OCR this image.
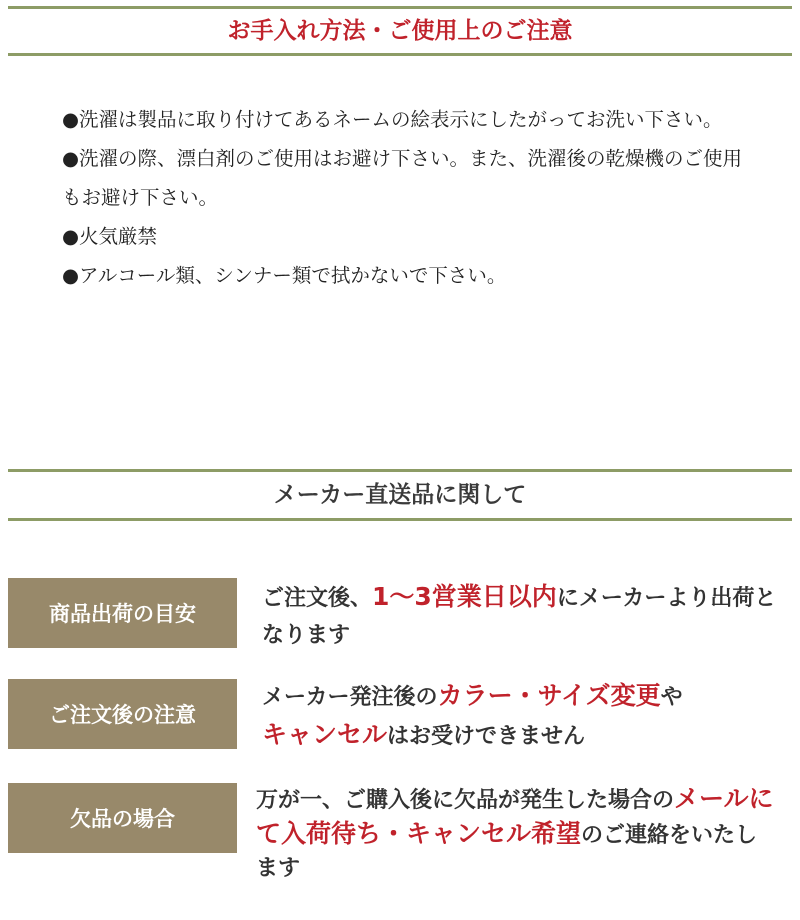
お手入れ方法・ご使用上のご注意

●洗濯は製品に取り付けてあるネームの絵表示にしたがってお洗い下さい。

●洗濯の際、漂白剤のご使用はお避け下さい。また、洗濯後の乾燥機のご使用もお避け下さい。

●火気厳禁

●アルコール類、シンナー類で拭かないで下さい。

メーカー直送品に関して
商品出荷の目安
ご注文後、1〜3営業日以内にメーカーより出荷となります
ご注文後の注意
メーカー発注後のカラー・サイズ変更や
キャンセルはお受けできません
欠品の場合
万が一、ご購入後に欠品が発生した場合のメールにて入荷待ち・キャンセル希望のご連絡をいたします
